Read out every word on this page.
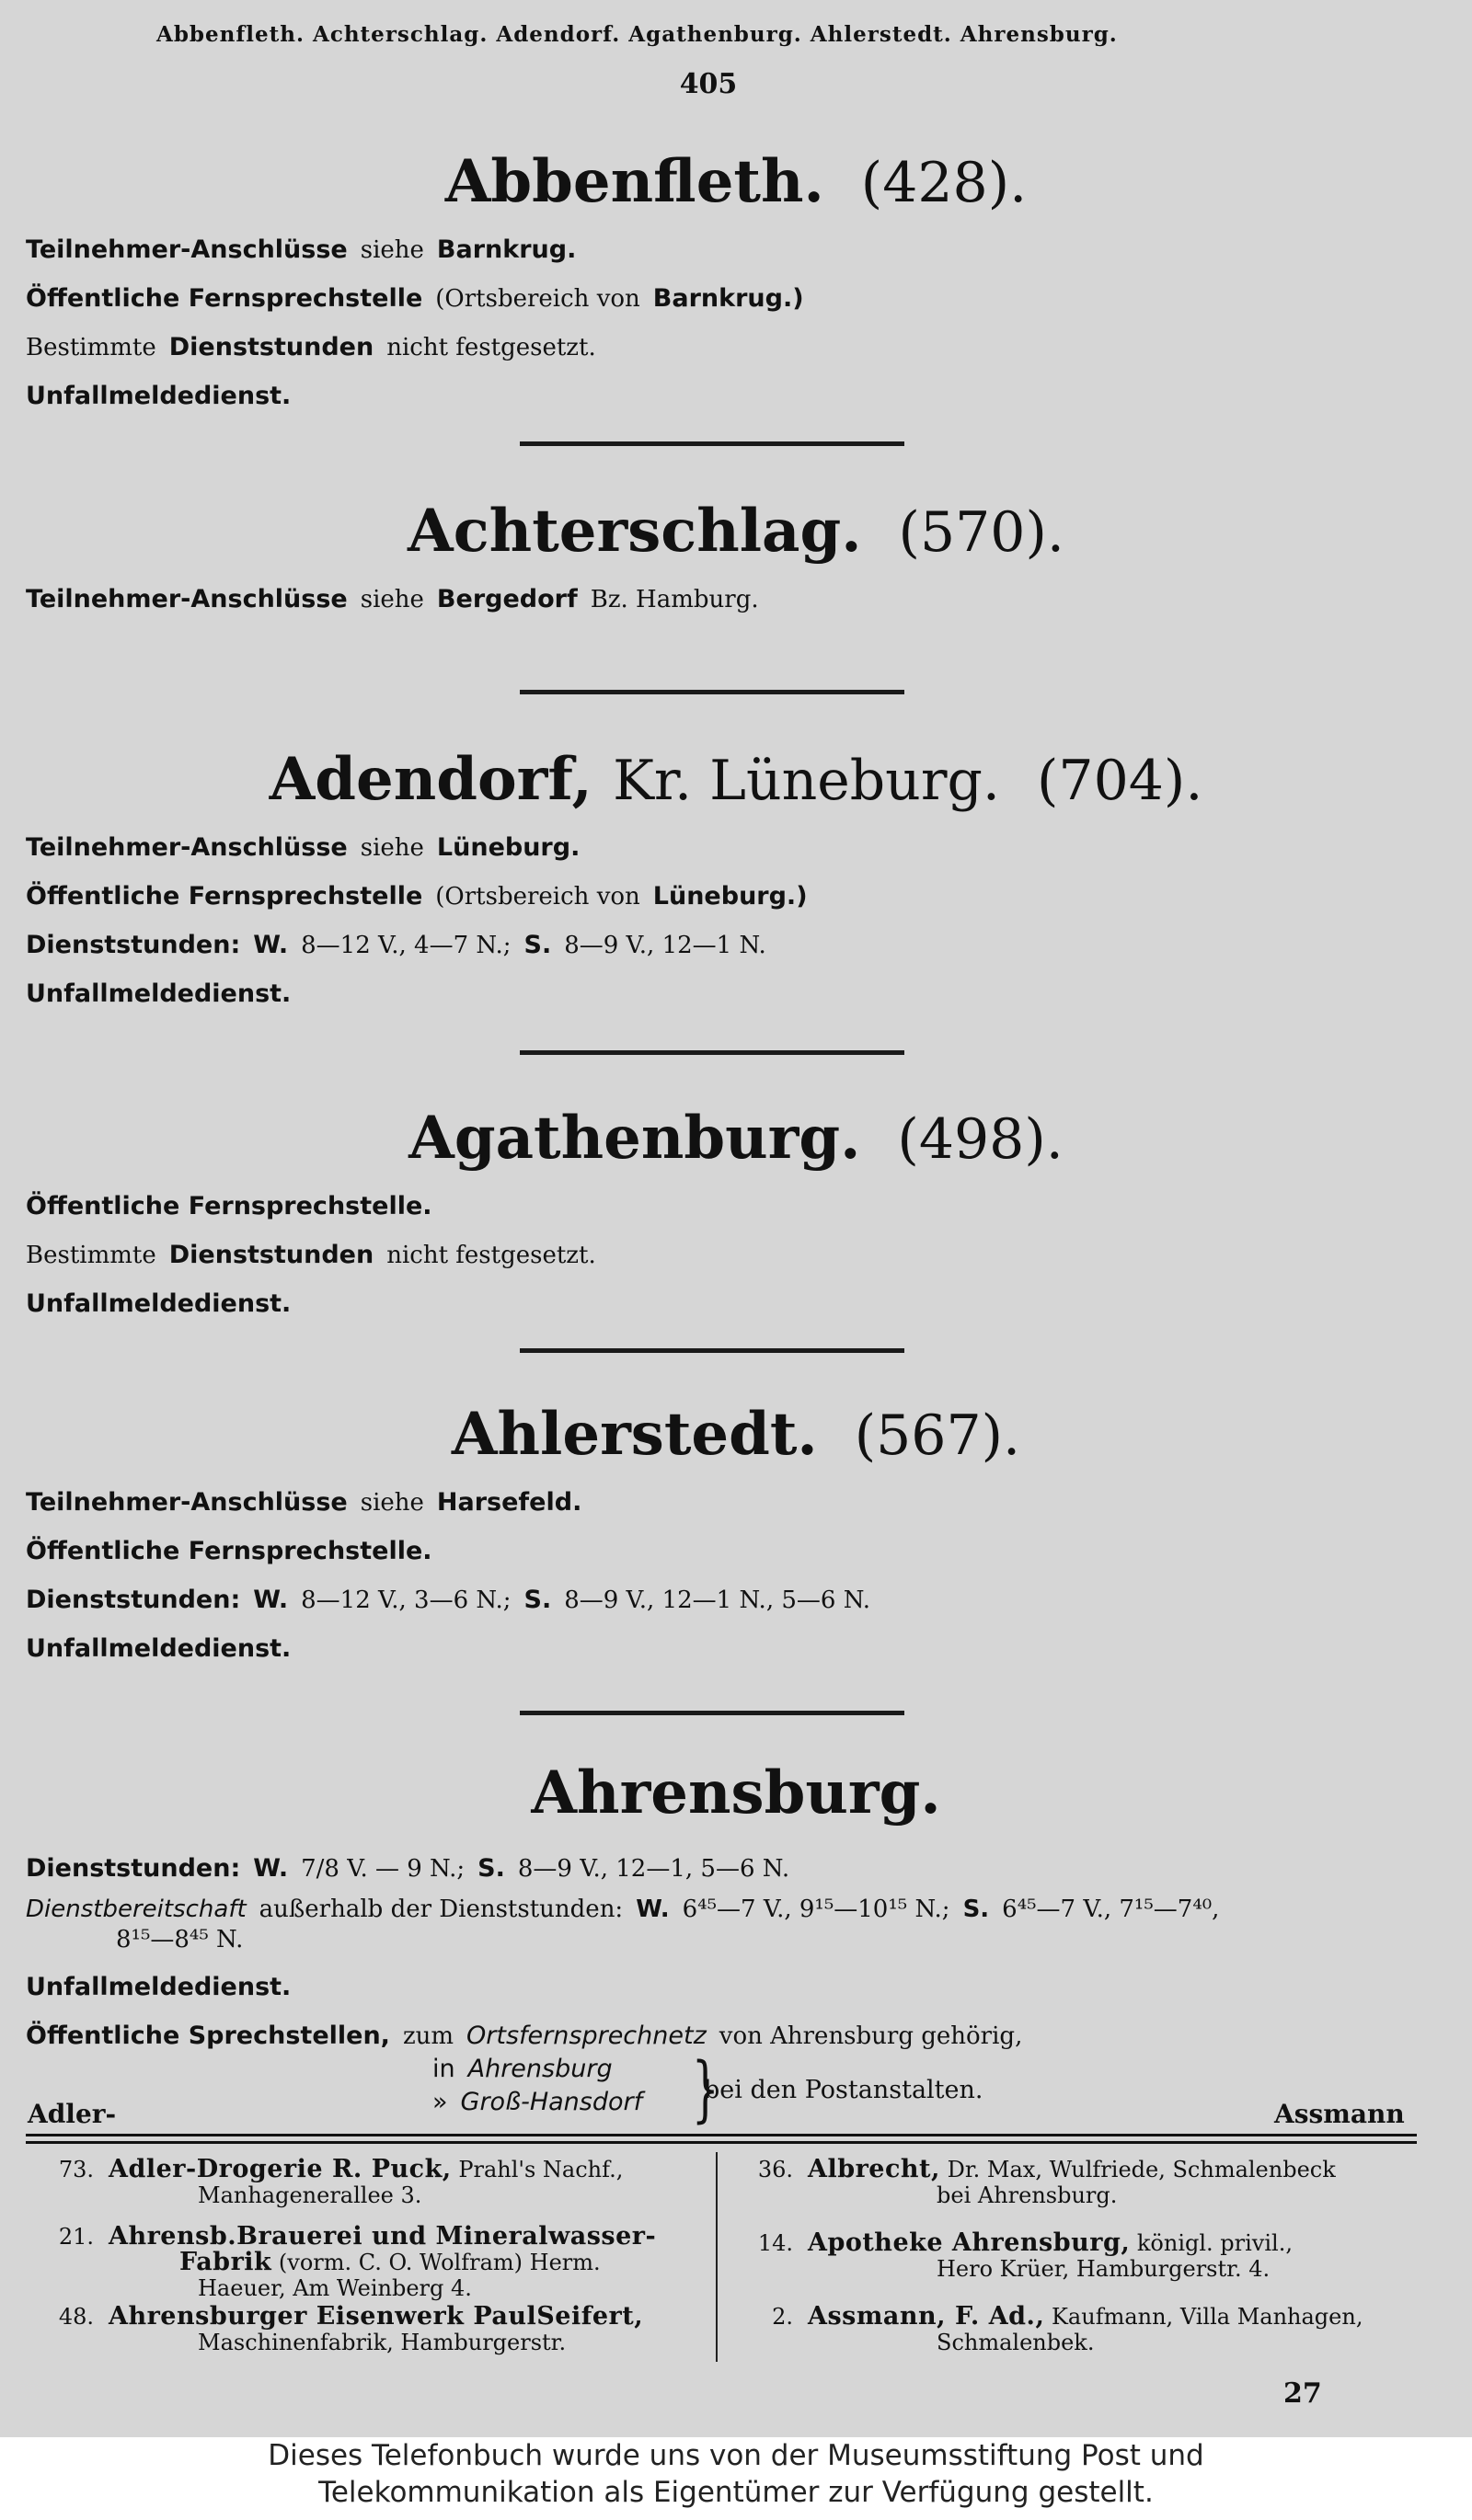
Abbenfleth. Achterschlag. Adendorf. Agathenburg. Ahlerstedt. Ahrensburg.
405
Abbenfleth. (428).
Teilnehmer-Anschlüsse siehe Barnkrug.
Öffentliche Fernsprechstelle (Ortsbereich von Barnkrug.)
Bestimmte Dienststunden nicht festgesetzt.
Unfallmeldedienst.
Achterschlag. (570).
Teilnehmer-Anschlüsse siehe Bergedorf Bz. Hamburg.
Adendorf, Kr. Lüneburg. (704).
Teilnehmer-Anschlüsse siehe Lüneburg.
Öffentliche Fernsprechstelle (Ortsbereich von Lüneburg.)
Dienststunden: W. 8—12 V., 4—7 N.; S. 8—9 V., 12—1 N.
Unfallmeldedienst.
Agathenburg. (498).
Öffentliche Fernsprechstelle.
Bestimmte Dienststunden nicht festgesetzt.
Unfallmeldedienst.
Ahlerstedt. (567).
Teilnehmer-Anschlüsse siehe Harsefeld.
Öffentliche Fernsprechstelle.
Dienststunden: W. 8—12 V., 3—6 N.; S. 8—9 V., 12—1 N., 5—6 N.
Unfallmeldedienst.
Ahrensburg.
Dienststunden: W. 7/8 V. — 9 N.; S. 8—9 V., 12—1, 5—6 N.
Dienstbereitschaft außerhalb der Dienststunden: W. 6⁴⁵—7 V., 9¹⁵—10¹⁵ N.; S. 6⁴⁵—7 V., 7¹⁵—7⁴⁰,
8¹⁵—8⁴⁵ N.
Unfallmeldedienst.
Öffentliche Sprechstellen, zum Ortsfernsprechnetz von Ahrensburg gehörig,
in Ahrensburg
» Groß-Hansdorf }
bei den Postanstalten.
Adler-	Assmann
73. Adler-Drogerie R. Puck, Prahl's Nachf.,
Manhagenerallee 3.
21. Ahrensb.Brauerei und Mineralwasser-
Fabrik (vorm. C. O. Wolfram) Herm.
Haeuer, Am Weinberg 4.
48. Ahrensburger Eisenwerk PaulSeifert,
Maschinenfabrik, Hamburgerstr.
36. Albrecht, Dr. Max, Wulfriede, Schmalenbeck
bei Ahrensburg.
14. Apotheke Ahrensburg, königl. privil.,
Hero Krüer, Hamburgerstr. 4.
2. Assmann, F. Ad., Kaufmann, Villa Manhagen,
Schmalenbek.
27
Dieses Telefonbuch wurde uns von der Museumsstiftung Post und
Telekommunikation als Eigentümer zur Verfügung gestellt.
